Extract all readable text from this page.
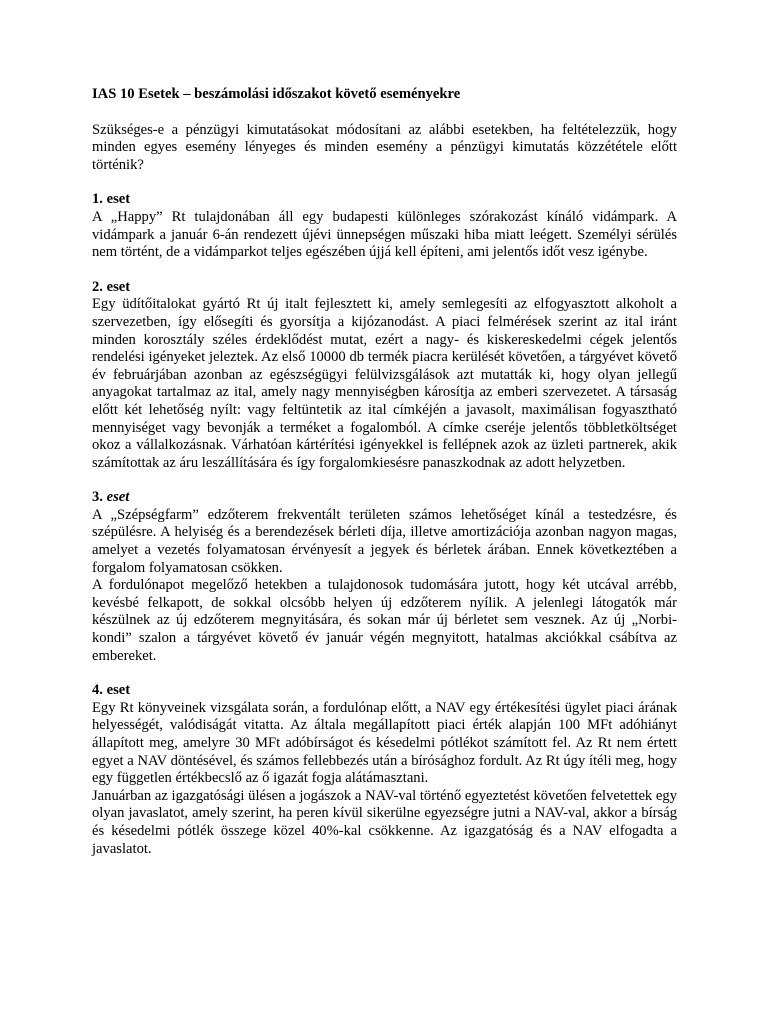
IAS 10 Esetek – beszámolási időszakot követő eseményekre

Szükséges-e a pénzügyi kimutatásokat módosítani az alábbi esetekben, ha feltételezzük, hogy minden egyes esemény lényeges és minden esemény a pénzügyi kimutatás közzététele előtt történik?

1. eset

A „Happy” Rt tulajdonában áll egy budapesti különleges szórakozást kínáló vidámpark. A vidámpark a január 6-án rendezett újévi ünnepségen műszaki hiba miatt leégett. Személyi sérülés nem történt, de a vidámparkot teljes egészében újjá kell építeni, ami jelentős időt vesz igénybe.

2. eset

Egy üdítőitalokat gyártó Rt új italt fejlesztett ki, amely semlegesíti az elfogyasztott alkoholt a szervezetben, így elősegíti és gyorsítja a kijózanodást. A piaci felmérések szerint az ital iránt minden korosztály széles érdeklődést mutat, ezért a nagy- és kiskereskedelmi cégek jelentős rendelési igényeket jeleztek. Az első 10000 db termék piacra kerülését követően, a tárgyévet követő év februárjában azonban az egészségügyi felülvizsgálások azt mutatták ki, hogy olyan jellegű anyagokat tartalmaz az ital, amely nagy mennyiségben károsítja az emberi szervezetet. A társaság előtt két lehetőség nyílt: vagy feltüntetik az ital címkéjén a javasolt, maximálisan fogyasztható mennyiséget vagy bevonják a terméket a fogalomból. A címke cseréje jelentős többletköltséget okoz a vállalkozásnak. Várhatóan kártérítési igényekkel is fellépnek azok az üzleti partnerek, akik számítottak az áru leszállítására és így forgalomkiesésre panaszkodnak az adott helyzetben.

3. eset

A „Szépségfarm” edzőterem frekventált területen számos lehetőséget kínál a testedzésre, és szépülésre. A helyiség és a berendezések bérleti díja, illetve amortizációja azonban nagyon magas, amelyet a vezetés folyamatosan érvényesít a jegyek és bérletek árában. Ennek következtében a forgalom folyamatosan csökken.

A fordulónapot megelőző hetekben a tulajdonosok tudomására jutott, hogy két utcával arrébb, kevésbé felkapott, de sokkal olcsóbb helyen új edzőterem nyílik. A jelenlegi látogatók már készülnek az új edzőterem megnyitására, és sokan már új bérletet sem vesznek. Az új „Norbi-kondi” szalon a tárgyévet követő év január végén megnyitott, hatalmas akciókkal csábítva az embereket.

4. eset

Egy Rt könyveinek vizsgálata során, a fordulónap előtt, a NAV egy értékesítési ügylet piaci árának helyességét, valódiságát vitatta. Az általa megállapított piaci érték alapján 100 MFt adóhiányt állapított meg, amelyre 30 MFt adóbírságot és késedelmi pótlékot számított fel. Az Rt nem értett egyet a NAV döntésével, és számos fellebbezés után a bírósághoz fordult. Az Rt úgy ítéli meg, hogy egy független értékbecslő az ő igazát fogja alátámasztani.

Januárban az igazgatósági ülésen a jogászok a NAV-val történő egyeztetést követően felvetettek egy olyan javaslatot, amely szerint, ha peren kívül sikerülne egyezségre jutni a NAV-val, akkor a bírság és késedelmi pótlék összege közel 40%-kal csökkenne. Az igazgatóság és a NAV elfogadta a javaslatot.
